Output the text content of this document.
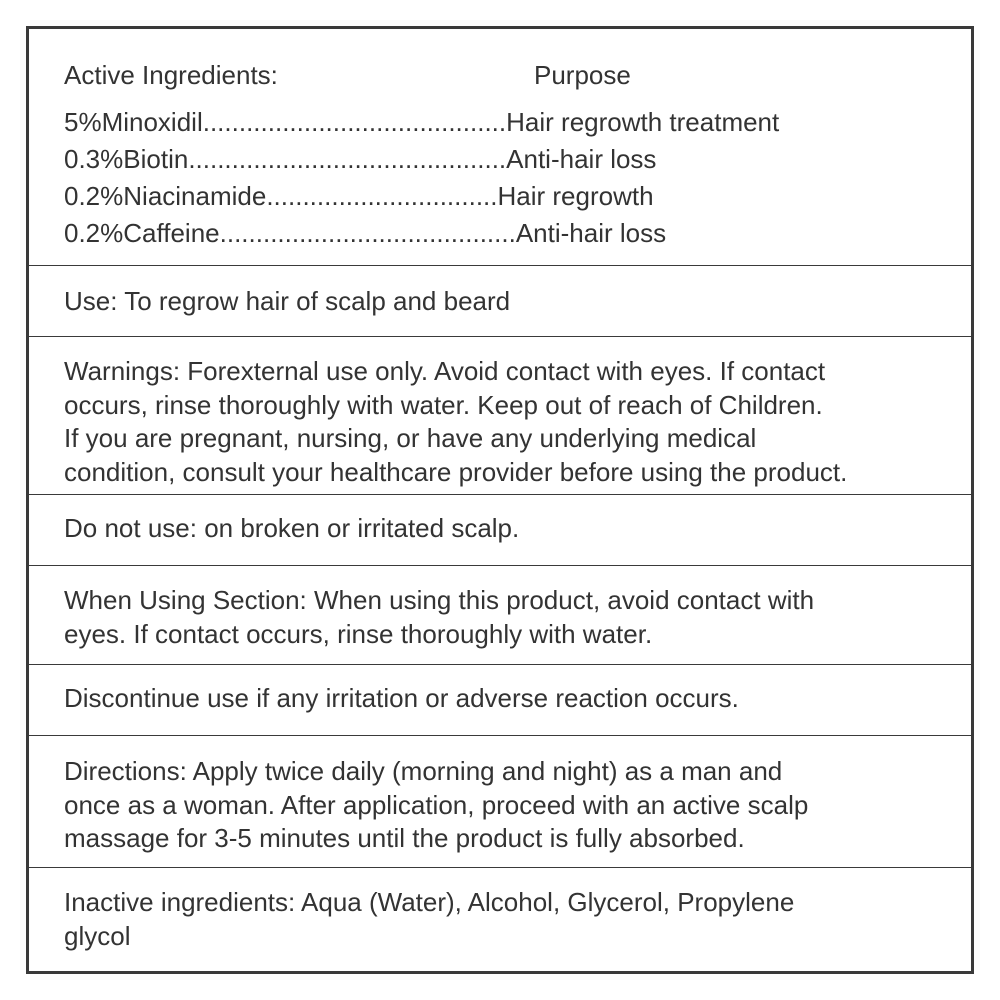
Active Ingredients:	Purpose
5%Minoxidil..........................................Hair regrowth treatment
0.3%Biotin............................................Anti-hair loss
0.2%Niacinamide................................Hair regrowth
0.2%Caffeine.........................................Anti-hair loss

Use: To regrow hair of scalp and beard

Warnings: Forexternal use only. Avoid contact with eyes. If contact

occurs, rinse thoroughly with water. Keep out of reach of Children.

If you are pregnant, nursing, or have any underlying medical

condition, consult your healthcare provider before using the product.

Do not use: on broken or irritated scalp.

When Using Section: When using this product, avoid contact with

eyes. If contact occurs, rinse thoroughly with water.

Discontinue use if any irritation or adverse reaction occurs.

Directions: Apply twice daily (morning and night) as a man and

once as a woman. After application, proceed with an active scalp

massage for 3-5 minutes until the product is fully absorbed.

Inactive ingredients: Aqua (Water), Alcohol, Glycerol, Propylene

glycol
